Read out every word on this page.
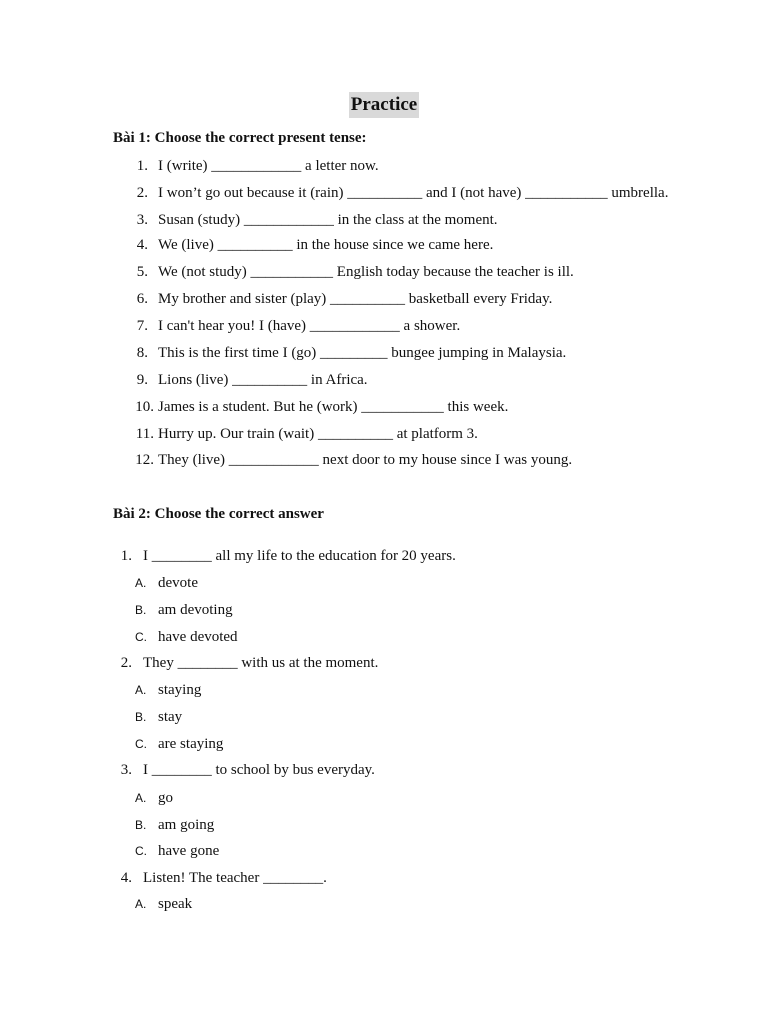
Practice
Bài 1: Choose the correct present tense:
1. I (write) ____________ a letter now.
2. I won’t go out because it (rain) __________ and I (not have) ___________ umbrella.
3. Susan (study) ____________ in the class at the moment.
4. We (live) __________ in the house since we came here.
5. We (not study) ___________ English today because the teacher is ill.
6. My brother and sister (play) __________ basketball every Friday.
7. I can't hear you! I (have) ____________ a shower.
8. This is the first time I (go) _________ bungee jumping in Malaysia.
9. Lions (live) __________ in Africa.
10. James is a student. But he (work) ___________ this week.
11. Hurry up. Our train (wait) __________ at platform 3.
12. They (live) ____________ next door to my house since I was young.
Bài 2: Choose the correct answer
1. I ________ all my life to the education for 20 years.
A. devote
B. am devoting
C. have devoted
2. They ________ with us at the moment.
A. staying
B. stay
C. are staying
3. I ________ to school by bus everyday.
A. go
B. am going
C. have gone
4. Listen! The teacher ________.
A. speak
